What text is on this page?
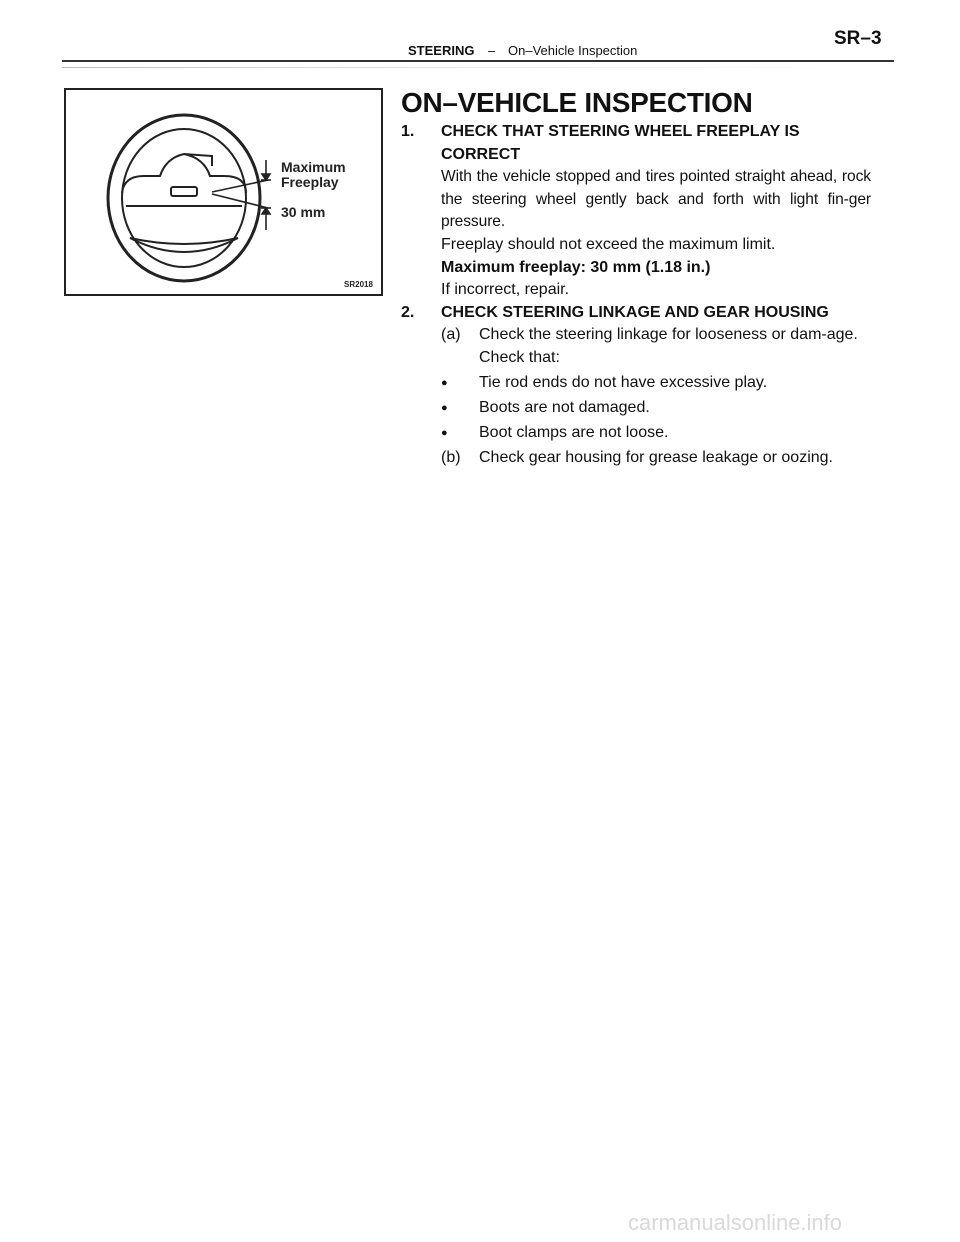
STEERING – On–Vehicle Inspection
SR–3
Maximum
Freeplay
30 mm
SR2018
ON–VEHICLE INSPECTION
1.	CHECK THAT STEERING WHEEL FREEPLAY IS
CORRECT
With the vehicle stopped and tires pointed straight ahead, rock the steering wheel gently back and forth with light fin-ger pressure.
Freeplay should not exceed the maximum limit.
Maximum freeplay: 30 mm (1.18 in.)
If incorrect, repair.
2.	CHECK STEERING LINKAGE AND GEAR HOUSING
(a)	Check the steering linkage for looseness or dam-age.
Check that:
●	Tie rod ends do not have excessive play.
●	Boots are not damaged.
●	Boot clamps are not loose.
(b)	Check gear housing for grease leakage or oozing.
carmanualsonline.info
